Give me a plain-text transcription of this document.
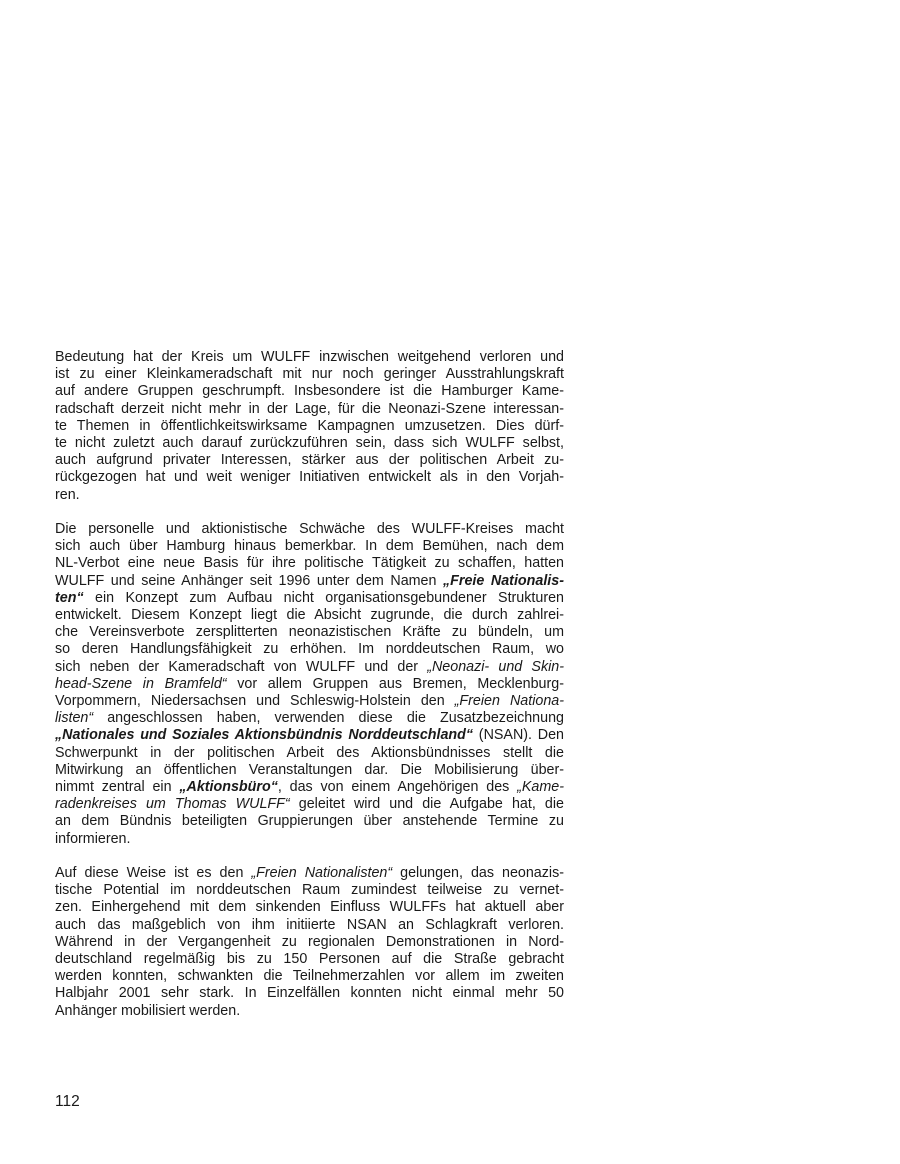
Bedeutung hat der Kreis um WULFF inzwischen weitgehend verloren und
ist zu einer Kleinkameradschaft mit nur noch geringer Ausstrahlungskraft
auf andere Gruppen geschrumpft. Insbesondere ist die Hamburger Kame-
radschaft derzeit nicht mehr in der Lage, für die Neonazi-Szene interessan-
te Themen in öffentlichkeitswirksame Kampagnen umzusetzen. Dies dürf-
te nicht zuletzt auch darauf zurückzuführen sein, dass sich WULFF selbst,
auch aufgrund privater Interessen, stärker aus der politischen Arbeit zu-
rückgezogen hat und weit weniger Initiativen entwickelt als in den Vorjah-
ren.

Die personelle und aktionistische Schwäche des WULFF-Kreises macht
sich auch über Hamburg hinaus bemerkbar. In dem Bemühen, nach dem
NL-Verbot eine neue Basis für ihre politische Tätigkeit zu schaffen, hatten
WULFF und seine Anhänger seit 1996 unter dem Namen „Freie Nationalis-
ten“ ein Konzept zum Aufbau nicht organisationsgebundener Strukturen
entwickelt. Diesem Konzept liegt die Absicht zugrunde, die durch zahlrei-
che Vereinsverbote zersplitterten neonazistischen Kräfte zu bündeln, um
so deren Handlungsfähigkeit zu erhöhen. Im norddeutschen Raum, wo
sich neben der Kameradschaft von WULFF und der „Neonazi- und Skin-
head-Szene in Bramfeld“ vor allem Gruppen aus Bremen, Mecklenburg-
Vorpommern, Niedersachsen und Schleswig-Holstein den „Freien Nationa-
listen“ angeschlossen haben, verwenden diese die Zusatzbezeichnung
„Nationales und Soziales Aktionsbündnis Norddeutschland“ (NSAN). Den
Schwerpunkt in der politischen Arbeit des Aktionsbündnisses stellt die
Mitwirkung an öffentlichen Veranstaltungen dar. Die Mobilisierung über-
nimmt zentral ein „Aktionsbüro“, das von einem Angehörigen des „Kame-
radenkreises um Thomas WULFF“ geleitet wird und die Aufgabe hat, die
an dem Bündnis beteiligten Gruppierungen über anstehende Termine zu
informieren.

Auf diese Weise ist es den „Freien Nationalisten“ gelungen, das neonazis-
tische Potential im norddeutschen Raum zumindest teilweise zu vernet-
zen. Einhergehend mit dem sinkenden Einfluss WULFFs hat aktuell aber
auch das maßgeblich von ihm initiierte NSAN an Schlagkraft verloren.
Während in der Vergangenheit zu regionalen Demonstrationen in Nord-
deutschland regelmäßig bis zu 150 Personen auf die Straße gebracht
werden konnten, schwankten die Teilnehmerzahlen vor allem im zweiten
Halbjahr 2001 sehr stark. In Einzelfällen konnten nicht einmal mehr 50
Anhänger mobilisiert werden.

112
